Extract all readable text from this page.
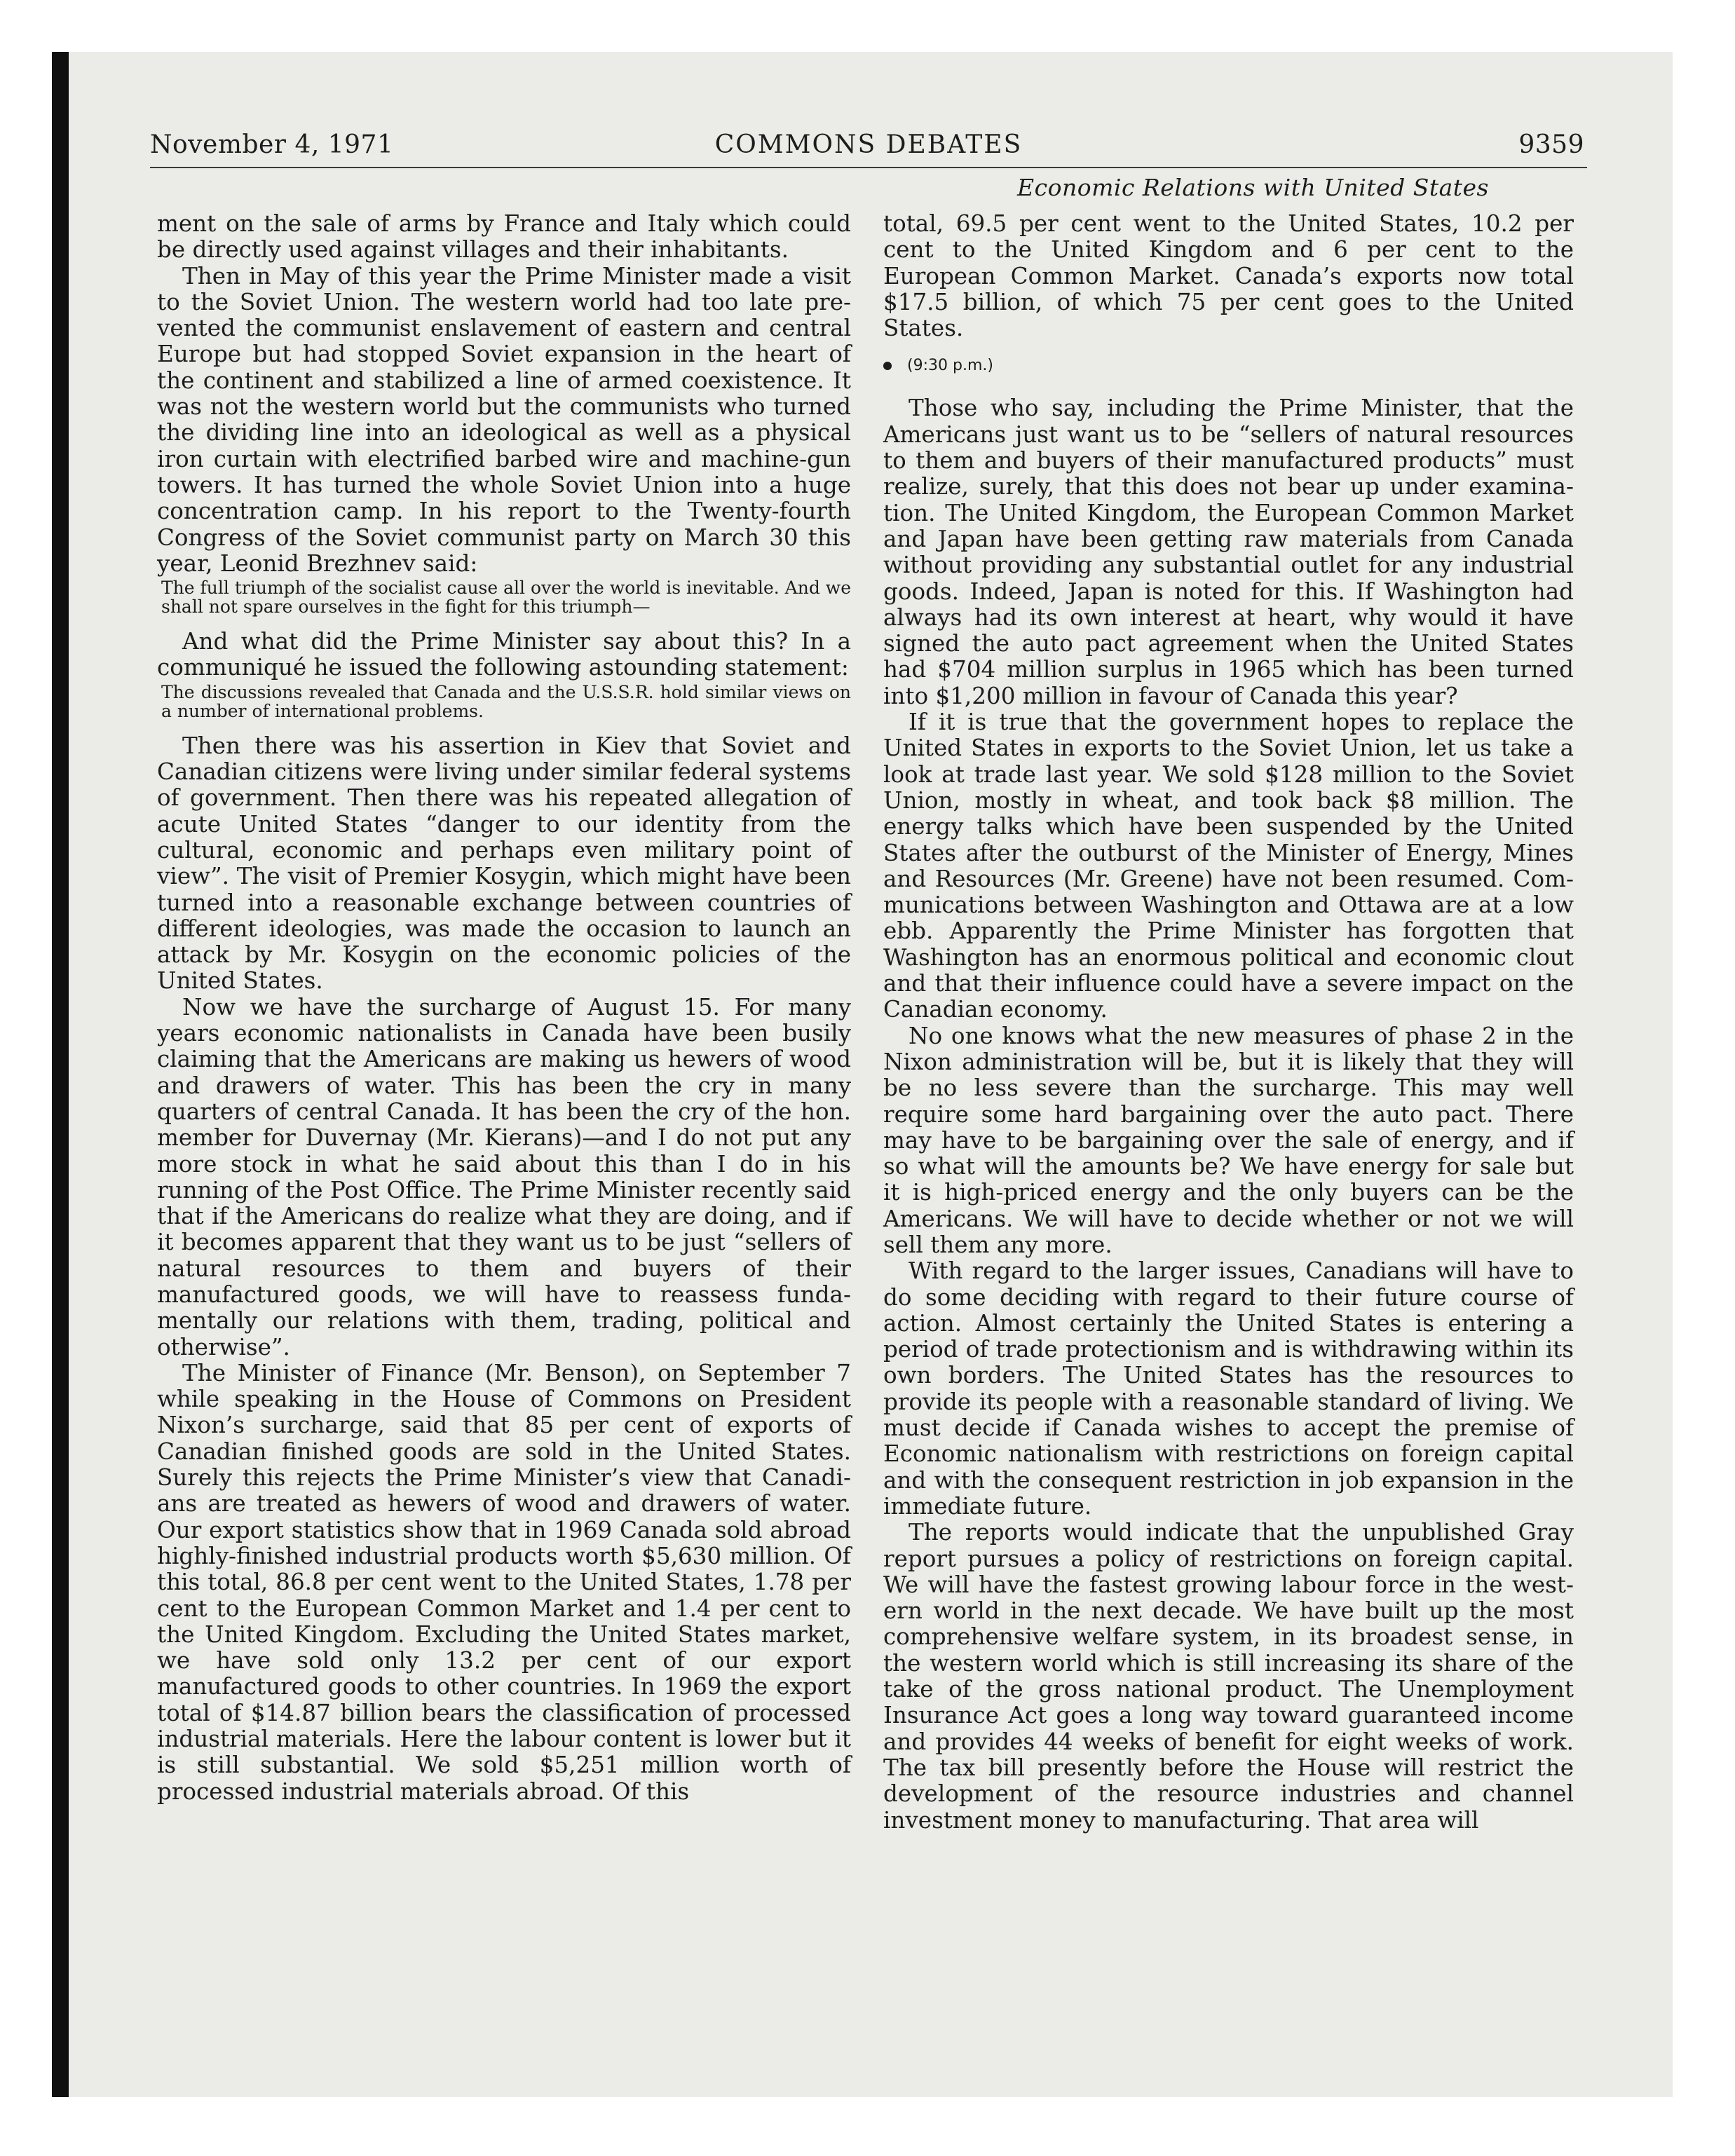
November 4, 1971	COMMONS DEBATES	9359
Economic Relations with United States

ment on the sale of arms by France and Italy which could be directly used against villages and their inhabitants.

Then in May of this year the Prime Minister made a visit to the Soviet Union. The western world had too late prevented the communist enslavement of eastern and central Europe but had stopped Soviet expansion in the heart of the continent and stabilized a line of armed coexistence. It was not the western world but the communists who turned the dividing line into an ideological as well as a physical iron curtain with electrified barbed wire and machine-gun towers. It has turned the whole Soviet Union into a huge concentration camp. In his report to the Twenty-fourth Congress of the Soviet communist party on March 30 this year, Leonid Brezhnev said:

The full triumph of the socialist cause all over the world is inevitable. And we shall not spare ourselves in the fight for this triumph—

And what did the Prime Minister say about this? In a communiqué he issued the following astounding statement:

The discussions revealed that Canada and the U.S.S.R. hold similar views on a number of international problems.

Then there was his assertion in Kiev that Soviet and Canadian citizens were living under similar federal systems of government. Then there was his repeated allegation of acute United States “danger to our identity from the cultural, economic and perhaps even military point of view”. The visit of Premier Kosygin, which might have been turned into a reasonable exchange between countries of different ideologies, was made the occasion to launch an attack by Mr. Kosygin on the economic policies of the United States.

Now we have the surcharge of August 15. For many years economic nationalists in Canada have been busily claiming that the Americans are making us hewers of wood and drawers of water. This has been the cry in many quarters of central Canada. It has been the cry of the hon. member for Duvernay (Mr. Kierans)—and I do not put any more stock in what he said about this than I do in his running of the Post Office. The Prime Minister recently said that if the Americans do realize what they are doing, and if it becomes apparent that they want us to be just “sellers of natural resources to them and buyers of their manufactured goods, we will have to reassess fundamentally our relations with them, trading, political and otherwise”.

The Minister of Finance (Mr. Benson), on September 7 while speaking in the House of Commons on President Nixon’s surcharge, said that 85 per cent of exports of Canadian finished goods are sold in the United States. Surely this rejects the Prime Minister’s view that Canadians are treated as hewers of wood and drawers of water. Our export statistics show that in 1969 Canada sold abroad highly-finished industrial products worth $5,630 million. Of this total, 86.8 per cent went to the United States, 1.78 per cent to the European Common Market and 1.4 per cent to the United Kingdom. Excluding the United States market, we have sold only 13.2 per cent of our export manufactured goods to other countries. In 1969 the export total of $14.87 billion bears the classification of processed industrial materials. Here the labour content is lower but it is still substantial. We sold $5,251 million worth of processed industrial materials abroad. Of this

total, 69.5 per cent went to the United States, 10.2 per cent to the United Kingdom and 6 per cent to the European Common Market. Canada’s exports now total $17.5 billion, of which 75 per cent goes to the United States.

(9:30 p.m.)

Those who say, including the Prime Minister, that the Americans just want us to be “sellers of natural resources to them and buyers of their manufactured products” must realize, surely, that this does not bear up under examination. The United Kingdom, the European Common Market and Japan have been getting raw materials from Canada without providing any substantial outlet for any industrial goods. Indeed, Japan is noted for this. If Washington had always had its own interest at heart, why would it have signed the auto pact agreement when the United States had $704 million surplus in 1965 which has been turned into $1,200 million in favour of Canada this year?

If it is true that the government hopes to replace the United States in exports to the Soviet Union, let us take a look at trade last year. We sold $128 million to the Soviet Union, mostly in wheat, and took back $8 million. The energy talks which have been suspended by the United States after the outburst of the Minister of Energy, Mines and Resources (Mr. Greene) have not been resumed. Communications between Washington and Ottawa are at a low ebb. Apparently the Prime Minister has forgotten that Washington has an enormous political and economic clout and that their influence could have a severe impact on the Canadian economy.

No one knows what the new measures of phase 2 in the Nixon administration will be, but it is likely that they will be no less severe than the surcharge. This may well require some hard bargaining over the auto pact. There may have to be bargaining over the sale of energy, and if so what will the amounts be? We have energy for sale but it is high-priced energy and the only buyers can be the Americans. We will have to decide whether or not we will sell them any more.

With regard to the larger issues, Canadians will have to do some deciding with regard to their future course of action. Almost certainly the United States is entering a period of trade protectionism and is withdrawing within its own borders. The United States has the resources to provide its people with a reasonable standard of living. We must decide if Canada wishes to accept the premise of Economic nationalism with restrictions on foreign capital and with the consequent restriction in job expansion in the immediate future.

The reports would indicate that the unpublished Gray report pursues a policy of restrictions on foreign capital. We will have the fastest growing labour force in the western world in the next decade. We have built up the most comprehensive welfare system, in its broadest sense, in the western world which is still increasing its share of the take of the gross national product. The Unemployment Insurance Act goes a long way toward guaranteed income and provides 44 weeks of benefit for eight weeks of work. The tax bill presently before the House will restrict the development of the resource industries and channel investment money to manufacturing. That area will
